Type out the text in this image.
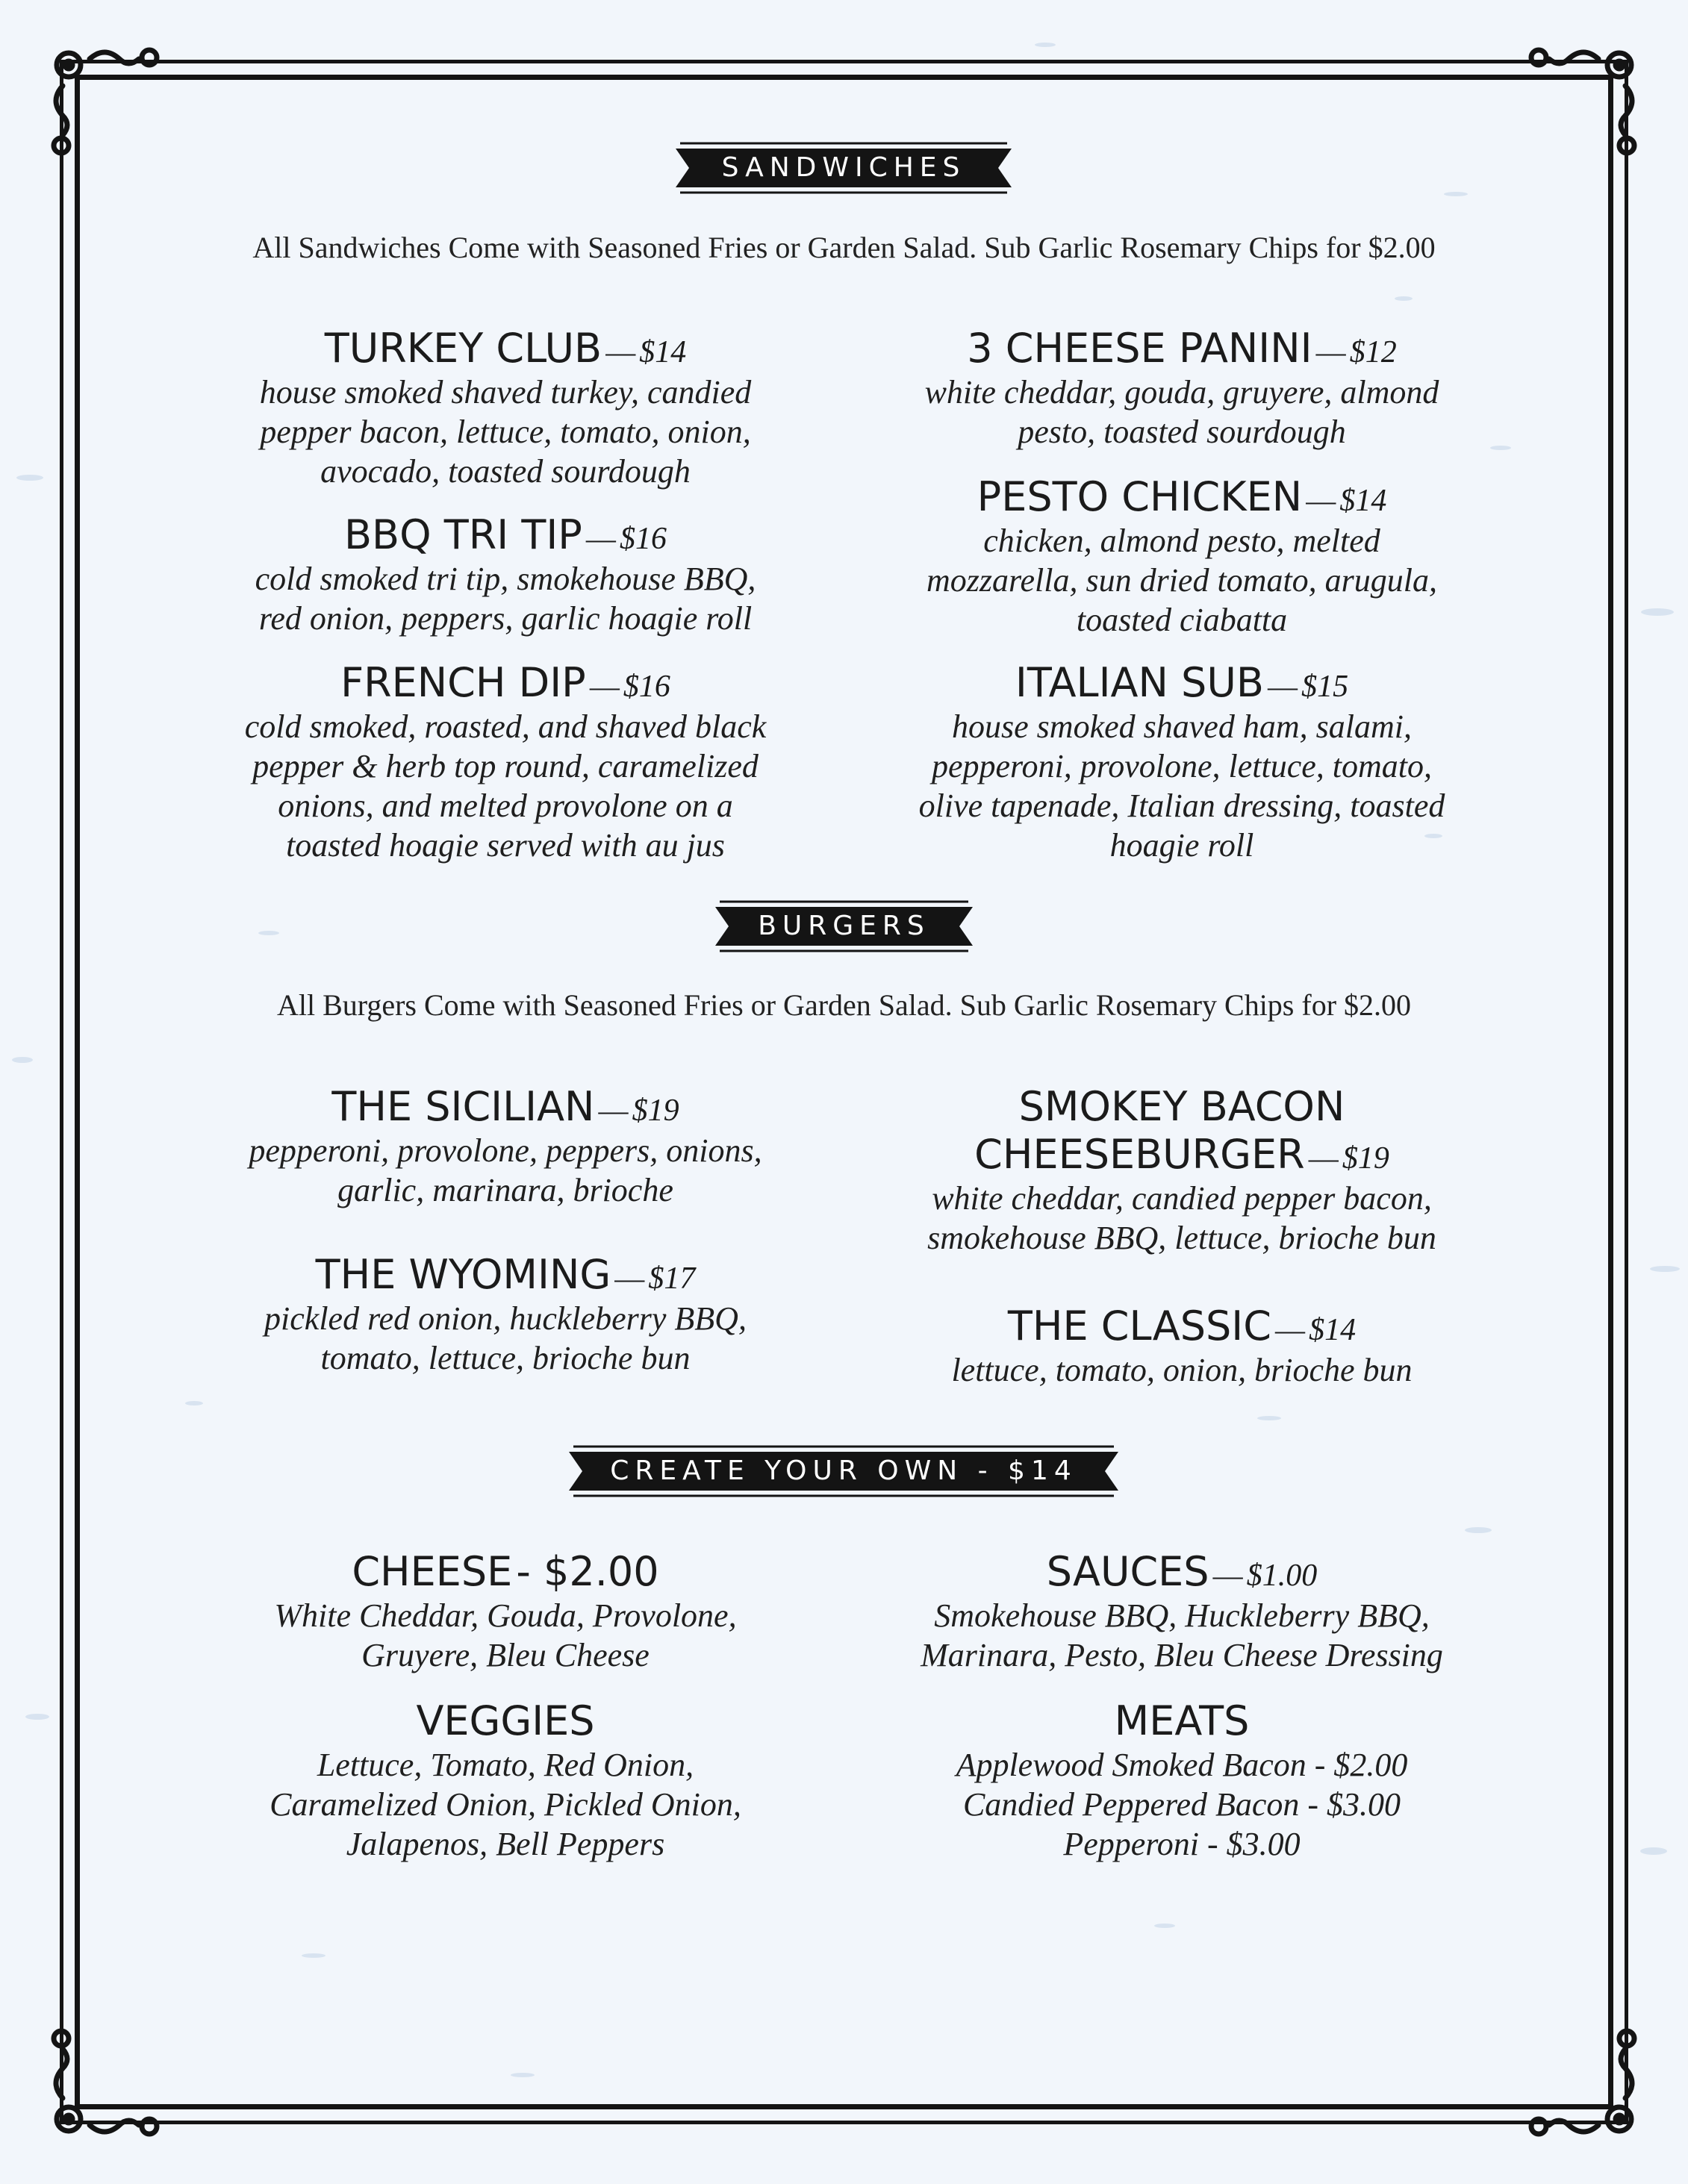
SANDWICHES
All Sandwiches Come with Seasoned Fries or Garden Salad. Sub Garlic Rosemary Chips for $2.00
TURKEY CLUB — $14
house smoked shaved turkey, candied
pepper bacon, lettuce, tomato, onion,
avocado, toasted sourdough
BBQ TRI TIP — $16
cold smoked tri tip, smokehouse BBQ,
red onion, peppers, garlic hoagie roll
FRENCH DIP — $16
cold smoked, roasted, and shaved black
pepper & herb top round, caramelized
onions, and melted provolone on a
toasted hoagie served with au jus
3 CHEESE PANINI — $12
white cheddar, gouda, gruyere, almond
pesto, toasted sourdough
PESTO CHICKEN — $14
chicken, almond pesto, melted
mozzarella, sun dried tomato, arugula,
toasted ciabatta
ITALIAN SUB — $15
house smoked shaved ham, salami,
pepperoni, provolone, lettuce, tomato,
olive tapenade, Italian dressing, toasted
hoagie roll
BURGERS
All Burgers Come with Seasoned Fries or Garden Salad. Sub Garlic Rosemary Chips for $2.00
THE SICILIAN — $19
pepperoni, provolone, peppers, onions,
garlic, marinara, brioche
THE WYOMING — $17
pickled red onion, huckleberry BBQ,
tomato, lettuce, brioche bun
SMOKEY BACON
CHEESEBURGER — $19
white cheddar, candied pepper bacon,
smokehouse BBQ, lettuce, brioche bun
THE CLASSIC — $14
lettuce, tomato, onion, brioche bun
CREATE YOUR OWN - $14
CHEESE - $2.00
White Cheddar, Gouda, Provolone,
Gruyere, Bleu Cheese
VEGGIES
Lettuce, Tomato, Red Onion,
Caramelized Onion, Pickled Onion,
Jalapenos, Bell Peppers
SAUCES — $1.00
Smokehouse BBQ, Huckleberry BBQ,
Marinara, Pesto, Bleu Cheese Dressing
MEATS
Applewood Smoked Bacon - $2.00
Candied Peppered Bacon - $3.00
Pepperoni - $3.00
